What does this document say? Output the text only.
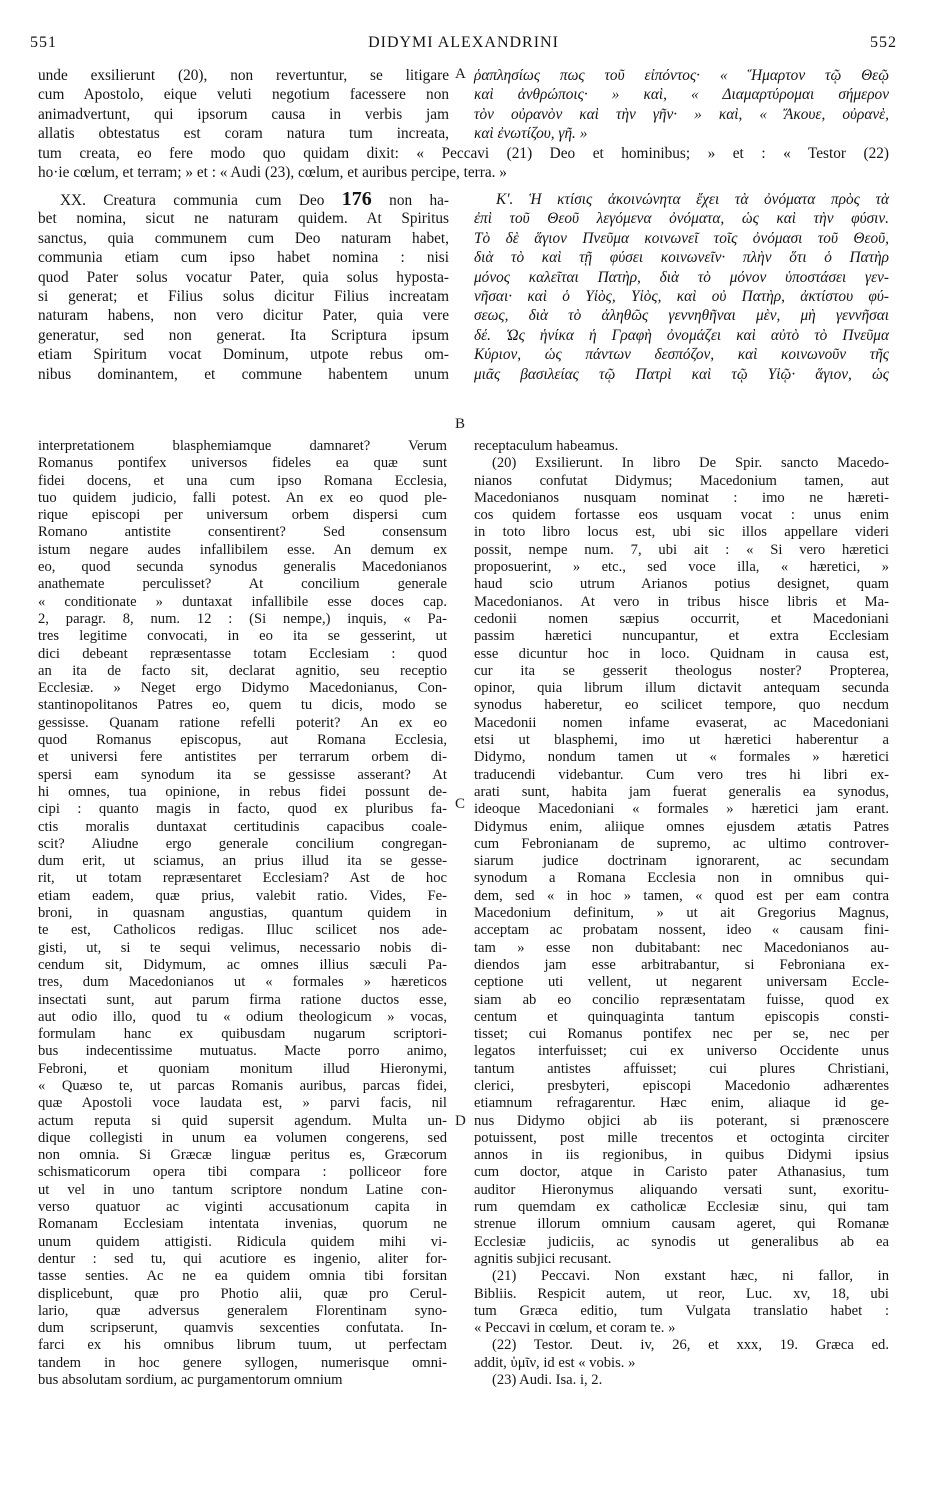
551	DIDYMI ALEXANDRINI	552
A
B
C
D
unde exsilierunt (20), non revertuntur, se litigare
cum Apostolo, eique veluti negotium facessere non
animadvertunt, qui ipsorum causa in verbis jam
allatis obtestatus est coram natura tum increata,
ῥαπλησίως πως τοῦ εἰπόντος· « Ἥμαρτον τῷ Θεῷ
καὶ ἀνθρώποις· » καὶ, « Διαμαρτύρομαι σήμερον
τὸν οὐρανὸν καὶ τὴν γῆν· » καὶ, « Ἄκουε, οὐρανὲ,
καὶ ἐνωτίζου, γῆ. »
tum creata, eo fere modo quo quidam dixit: « Peccavi (21) Deo et hominibus; » et : « Testor (22)
ho·ie cœlum, et terram; » et : « Audi (23), cœlum, et auribus percipe, terra. »
XX. Creatura communia cum Deo 176 non ha-
bet nomina, sicut ne naturam quidem. At Spiritus
sanctus, quia communem cum Deo naturam habet,
communia etiam cum ipso habet nomina : nisi
quod Pater solus vocatur Pater, quia solus hyposta-
si generat; et Filius solus dicitur Filius increatam
naturam habens, non vero dicitur Pater, quia vere
generatur, sed non generat. Ita Scriptura ipsum
etiam Spiritum vocat Dominum, utpote rebus om-
nibus dominantem, et commune habentem unum
Κ'. Ἡ κτίσις ἀκοινώνητα ἔχει τὰ ὀνόματα πρὸς τὰ
ἐπὶ τοῦ Θεοῦ λεγόμενα ὀνόματα, ὡς καὶ τὴν φύσιν.
Τὸ δὲ ἅγιον Πνεῦμα κοινωνεῖ τοῖς ὀνόμασι τοῦ Θεοῦ,
διὰ τὸ καὶ τῇ φύσει κοινωνεῖν· πλὴν ὅτι ὁ Πατὴρ
μόνος καλεῖται Πατὴρ, διὰ τὸ μόνον ὑποστάσει γεν-
νῆσαι· καὶ ὁ Υἱὸς, Υἱὸς, καὶ οὐ Πατὴρ, ἀκτίστου φύ-
σεως, διὰ τὸ ἀληθῶς γεννηθῆναι μὲν, μὴ γεννῆσαι
δέ. Ὡς ἡνίκα ἡ Γραφὴ ὀνομάζει καὶ αὐτὸ τὸ Πνεῦμα
Κύριον, ὡς πάντων δεσπόζον, καὶ κοινωνοῦν τῆς
μιᾶς βασιλείας τῷ Πατρὶ καὶ τῷ Υἱῷ· ἅγιον, ὡς
interpretationem blasphemiamque damnaret? Verum
Romanus pontifex universos fideles ea quæ sunt
fidei docens, et una cum ipso Romana Ecclesia,
tuo quidem judicio, falli potest. An ex eo quod ple-
rique episcopi per universum orbem dispersi cum
Romano antistite consentirent? Sed consensum
istum negare audes infallibilem esse. An demum ex
eo, quod secunda synodus generalis Macedonianos
anathemate perculisset? At concilium generale
« conditionate » duntaxat infallibile esse doces cap.
2, paragr. 8, num. 12 : (Si nempe,) inquis, « Pa-
tres legitime convocati, in eo ita se gesserint, ut
dici debeant repræsentasse totam Ecclesiam : quod
an ita de facto sit, declarat agnitio, seu receptio
Ecclesiæ. » Neget ergo Didymo Macedonianus, Con-
stantinopolitanos Patres eo, quem tu dicis, modo se
gessisse. Quanam ratione refelli poterit? An ex eo
quod Romanus episcopus, aut Romana Ecclesia,
et universi fere antistites per terrarum orbem di-
spersi eam synodum ita se gessisse asserant? At
hi omnes, tua opinione, in rebus fidei possunt de-
cipi : quanto magis in facto, quod ex pluribus fa-
ctis moralis duntaxat certitudinis capacibus coale-
scit? Aliudne ergo generale concilium congregan-
dum erit, ut sciamus, an prius illud ita se gesse-
rit, ut totam repræsentaret Ecclesiam? Ast de hoc
etiam eadem, quæ prius, valebit ratio. Vides, Fe-
broni, in quasnam angustias, quantum quidem in
te est, Catholicos redigas. Illuc scilicet nos ade-
gisti, ut, si te sequi velimus, necessario nobis di-
cendum sit, Didymum, ac omnes illius sæculi Pa-
tres, dum Macedonianos ut « formales » hæreticos
insectati sunt, aut parum firma ratione ductos esse,
aut odio illo, quod tu « odium theologicum » vocas,
formulam hanc ex quibusdam nugarum scriptori-
bus indecentissime mutuatus. Macte porro animo,
Febroni, et quoniam monitum illud Hieronymi,
« Quæso te, ut parcas Romanis auribus, parcas fidei,
quæ Apostoli voce laudata est, » parvi facis, nil
actum reputa si quid supersit agendum. Multa un-
dique collegisti in unum ea volumen congerens, sed
non omnia. Si Græcæ linguæ peritus es, Græcorum
schismaticorum opera tibi compara : polliceor fore
ut vel in uno tantum scriptore nondum Latine con-
verso quatuor ac viginti accusationum capita in
Romanam Ecclesiam intentata invenias, quorum ne
unum quidem attigisti. Ridicula quidem mihi vi-
dentur : sed tu, qui acutiore es ingenio, aliter for-
tasse senties. Ac ne ea quidem omnia tibi forsitan
displicebunt, quæ pro Photio alii, quæ pro Cerul-
lario, quæ adversus generalem Florentinam syno-
dum scripserunt, quamvis sexcenties confutata. In-
farci ex his omnibus librum tuum, ut perfectam
tandem in hoc genere syllogen, numerisque omni-
bus absolutam sordium, ac purgamentorum omnium
receptaculum habeamus.
(20) Exsilierunt. In libro De Spir. sancto Macedo-
nianos confutat Didymus; Macedonium tamen, aut
Macedonianos nusquam nominat : imo ne hæreti-
cos quidem fortasse eos usquam vocat : unus enim
in toto libro locus est, ubi sic illos appellare videri
possit, nempe num. 7, ubi ait : « Si vero hæretici
proposuerint, » etc., sed voce illa, « hæretici, »
haud scio utrum Arianos potius designet, quam
Macedonianos. At vero in tribus hisce libris et Ma-
cedonii nomen sæpius occurrit, et Macedoniani
passim hæretici nuncupantur, et extra Ecclesiam
esse dicuntur hoc in loco. Quidnam in causa est,
cur ita se gesserit theologus noster? Propterea,
opinor, quia librum illum dictavit antequam secunda
synodus haberetur, eo scilicet tempore, quo necdum
Macedonii nomen infame evaserat, ac Macedoniani
etsi ut blasphemi, imo ut hæretici haberentur a
Didymo, nondum tamen ut « formales » hæretici
traducendi videbantur. Cum vero tres hi libri ex-
arati sunt, habita jam fuerat generalis ea synodus,
ideoque Macedoniani « formales » hæretici jam erant.
Didymus enim, aliique omnes ejusdem ætatis Patres
cum Febronianam de supremo, ac ultimo controver-
siarum judice doctrinam ignorarent, ac secundam
synodum a Romana Ecclesia non in omnibus qui-
dem, sed « in hoc » tamen, « quod est per eam contra
Macedonium definitum, » ut ait Gregorius Magnus,
acceptam ac probatam nossent, ideo « causam fini-
tam » esse non dubitabant: nec Macedonianos au-
diendos jam esse arbitrabantur, si Febroniana ex-
ceptione uti vellent, ut negarent universam Eccle-
siam ab eo concilio repræsentatam fuisse, quod ex
centum et quinquaginta tantum episcopis consti-
tisset; cui Romanus pontifex nec per se, nec per
legatos interfuisset; cui ex universo Occidente unus
tantum antistes affuisset; cui plures Christiani,
clerici, presbyteri, episcopi Macedonio adhærentes
etiamnum refragarentur. Hæc enim, aliaque id ge-
nus Didymo objici ab iis poterant, si prænoscere
potuissent, post mille trecentos et octoginta circiter
annos in iis regionibus, in quibus Didymi ipsius
cum doctor, atque in Caristo pater Athanasius, tum
auditor Hieronymus aliquando versati sunt, exoritu-
rum quemdam ex catholicæ Ecclesiæ sinu, qui tam
strenue illorum omnium causam ageret, qui Romanæ
Ecclesiæ judiciis, ac synodis ut generalibus ab ea
agnitis subjici recusant.
(21) Peccavi. Non exstant hæc, ni fallor, in
Bibliis. Respicit autem, ut reor, Luc. xv, 18, ubi
tum Græca editio, tum Vulgata translatio habet :
« Peccavi in cœlum, et coram te. »
(22) Testor. Deut. iv, 26, et xxx, 19. Græca ed.
addit, ὑμῖν, id est « vobis. »
(23) Audi. Isa. i, 2.
